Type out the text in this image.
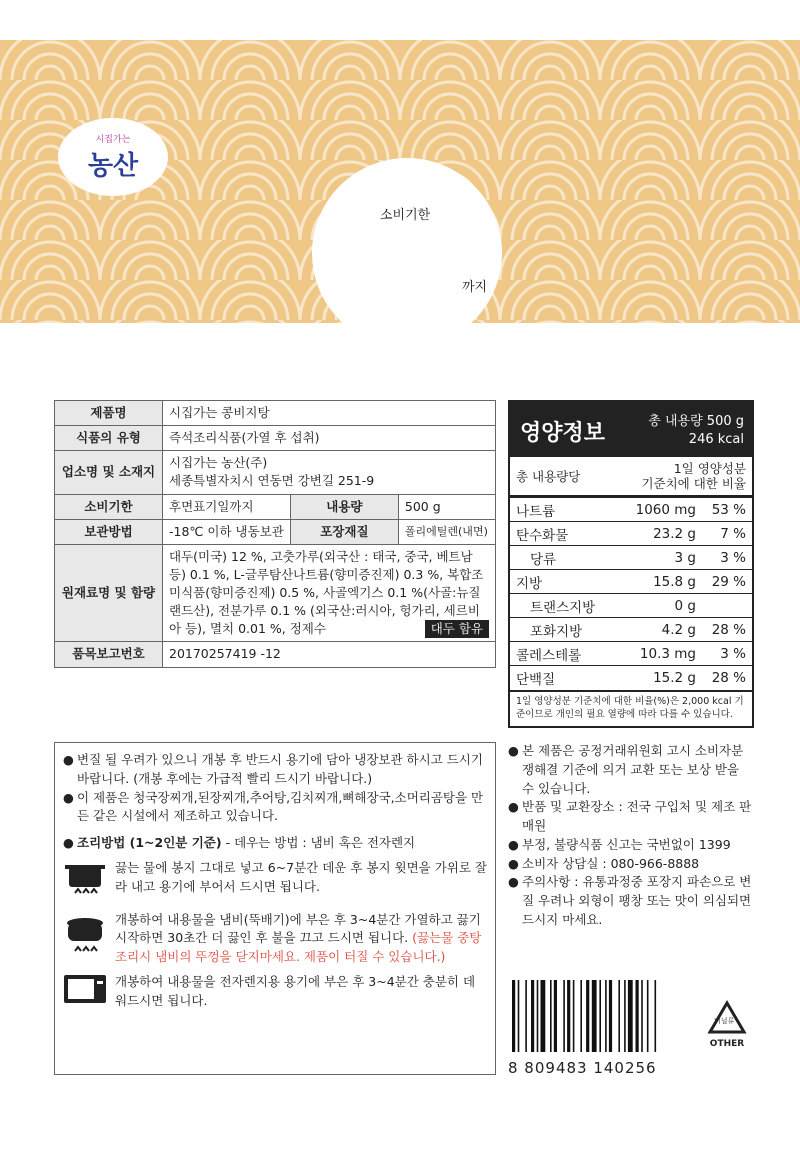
시집가는
농산
소비기한
까지
제품명	시집가는 콩비지탕		
식품의 유형	즉석조리식품(가열 후 섭취)		
업소명 및 소재지	시집가는 농산(주)
세종특별자치시 연동면 강변길 251-9		

소비기한	후면표기일까지	내용량	500 g
보관방법	-18℃ 이하 냉동보관	포장재질	폴리에틸렌(내면)
원재료명 및 함량	대두(미국) 12 %, 고춧가루(외국산 : 태국, 중국, 베트남 등) 0.1 %, L-글루탐산나트륨(향미증진제) 0.3 %, 복합조미식품(향미증진제) 0.5 %, 사골엑기스 0.1 %(사골:뉴질랜드산), 전분가루 0.1 % (외국산:러시아, 헝가리, 세르비아 등), 멸치 0.01 %, 정제수 대두 함유		

품목보고번호	20170257419 -12		
영양정보	총 내용량 500 g
246 kcal
총 내용량당
1일 영양성분
기준치에 대한 비율
나트륨	1060 mg	53 %
탄수화물	23.2 g	7 %
당류	3 g	3 %
지방	15.8 g	29 %
트랜스지방	0 g
포화지방	4.2 g	28 %
콜레스테롤	10.3 mg	3 %
단백질	15.2 g	28 %
1일 영양성분 기준치에 대한 비율(%)은 2,000 kcal 기준이므로 개인의 필요 열량에 따라 다를 수 있습니다.
● 변질 될 우려가 있으니 개봉 후 반드시 용기에 담아 냉장보관 하시고 드시기 바랍니다. (개봉 후에는 가급적 빨리 드시기 바랍니다.)
● 이 제품은 청국장찌개,된장찌개,추어탕,김치찌개,뼈해장국,소머리곰탕을 만든 같은 시설에서 제조하고 있습니다.
● 조리방법 (1~2인분 기준) - 데우는 방법 : 냄비 혹은 전자렌지
끓는 물에 봉지 그대로 넣고 6~7분간 데운 후 봉지 윗면을 가위로 잘라 내고 용기에 부어서 드시면 됩니다.
개봉하여 내용물을 냄비(뚝배기)에 부은 후 3~4분간 가열하고 끓기 시작하면 30초간 더 끓인 후 불을 끄고 드시면 됩니다. (끓는물 중탕조리시 냄비의 뚜껑을 닫지마세요. 제품이 터질 수 있습니다.)
개봉하여 내용물을 전자렌지용 용기에 부은 후 3~4분간 충분히 데워드시면 됩니다.
● 본 제품은 공정거래위원회 고시 소비자분쟁해결 기준에 의거 교환 또는 보상 받을 수 있습니다.
● 반품 및 교환장소 : 전국 구입처 및 제조 판매원
● 부정, 불량식품 신고는 국번없이 1399
● 소비자 상담실 : 080-966-8888
● 주의사항 : 유통과정중 포장지 파손으로 변질 우려나 외형이 팽창 또는 맛이 의심되면 드시지 마세요.
8 809483 140256
비닐류
OTHER
